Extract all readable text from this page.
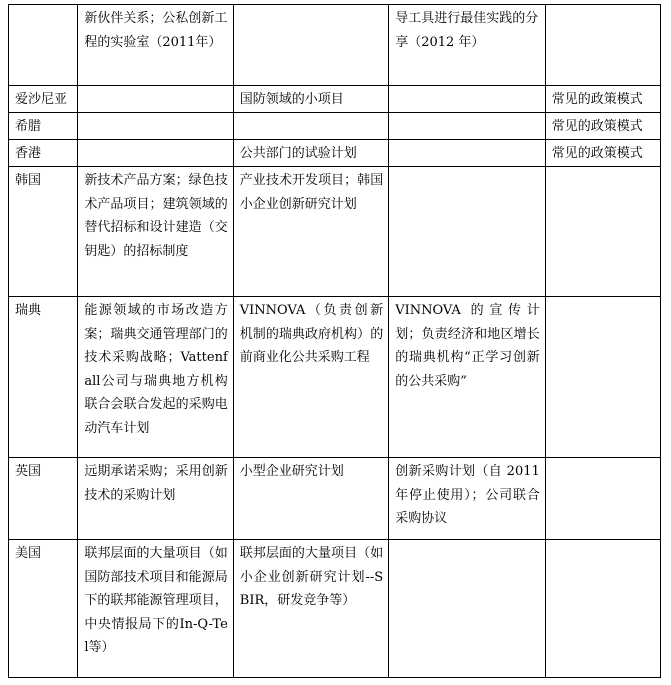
	新伙伴关系；公私创新工程的实验室（2011年）		导工具进行最佳实践的分享（2012 年）	
爱沙尼亚		国防领域的小项目		常见的政策模式
希腊				常见的政策模式
香港		公共部门的试验计划		常见的政策模式
韩国	新技术产品方案；绿色技术产品项目；建筑领域的替代招标和设计建造（交钥匙）的招标制度	产业技术开发项目；韩国小企业创新研究计划		
瑞典	能源领域的市场改造方案；瑞典交通管理部门的技术采购战略；Vattenfall公司与瑞典地方机构联合会联合发起的采购电动汽车计划	VINNOVA（负责创新机制的瑞典政府机构）的前商业化公共采购工程	VINNOVA 的宣传计划；负责经济和地区增长的瑞典机构“正学习创新的公共采购”	
英国	远期承诺采购；采用创新技术的采购计划	小型企业研究计划	创新采购计划（自 2011 年停止使用）；公司联合采购协议	
美国	联邦层面的大量项目（如国防部技术项目和能源局下的联邦能源管理项目，中央情报局下的In-Q-Tel等）	联邦层面的大量项目（如小企业创新研究计划--SBIR，研发竞争等）		
